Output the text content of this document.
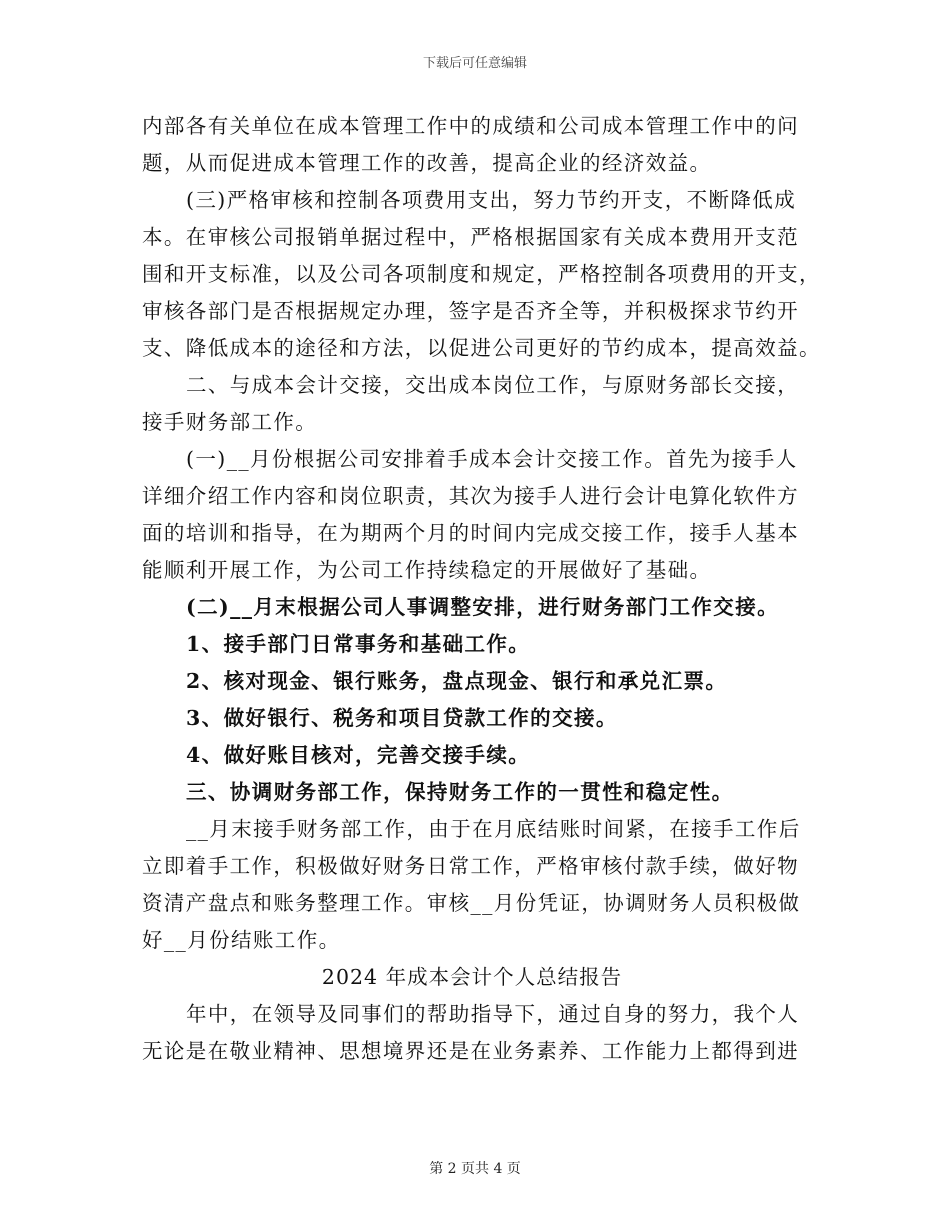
下载后可任意编辑
内部各有关单位在成本管理工作中的成绩和公司成本管理工作中的问
题，从而促进成本管理工作的改善，提高企业的经济效益。
(三)严格审核和控制各项费用支出，努力节约开支，不断降低成
本。在审核公司报销单据过程中，严格根据国家有关成本费用开支范
围和开支标准，以及公司各项制度和规定，严格控制各项费用的开支，
审核各部门是否根据规定办理，签字是否齐全等，并积极探求节约开
支、降低成本的途径和方法，以促进公司更好的节约成本，提高效益。
二、与成本会计交接，交出成本岗位工作，与原财务部长交接，
接手财务部工作。
(一)__月份根据公司安排着手成本会计交接工作。首先为接手人
详细介绍工作内容和岗位职责，其次为接手人进行会计电算化软件方
面的培训和指导，在为期两个月的时间内完成交接工作，接手人基本
能顺利开展工作，为公司工作持续稳定的开展做好了基础。
(二)__月末根据公司人事调整安排，进行财务部门工作交接。
1、接手部门日常事务和基础工作。
2、核对现金、银行账务，盘点现金、银行和承兑汇票。
3、做好银行、税务和项目贷款工作的交接。
4、做好账目核对，完善交接手续。
三、协调财务部工作，保持财务工作的一贯性和稳定性。
__月末接手财务部工作，由于在月底结账时间紧，在接手工作后
立即着手工作，积极做好财务日常工作，严格审核付款手续，做好物
资清产盘点和账务整理工作。审核__月份凭证，协调财务人员积极做
好__月份结账工作。
2024 年成本会计个人总结报告
年中，在领导及同事们的帮助指导下，通过自身的努力，我个人
无论是在敬业精神、思想境界还是在业务素养、工作能力上都得到进
第 2 页共 4 页
